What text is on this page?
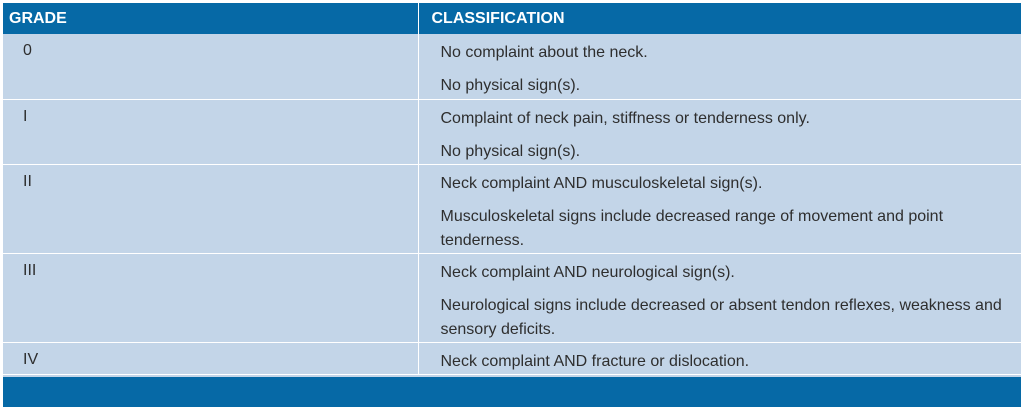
GRADE	CLASSIFICATION
0	No complaint about the neck.

No physical sign(s).

I	Complaint of neck pain, stiffness or tenderness only.

No physical sign(s).

II	Neck complaint AND musculoskeletal sign(s).

Musculoskeletal signs include decreased range of movement and point tenderness.

III	Neck complaint AND neurological sign(s).

Neurological signs include decreased or absent tendon reflexes, weakness and sensory deficits.

IV	Neck complaint AND fracture or dislocation.
